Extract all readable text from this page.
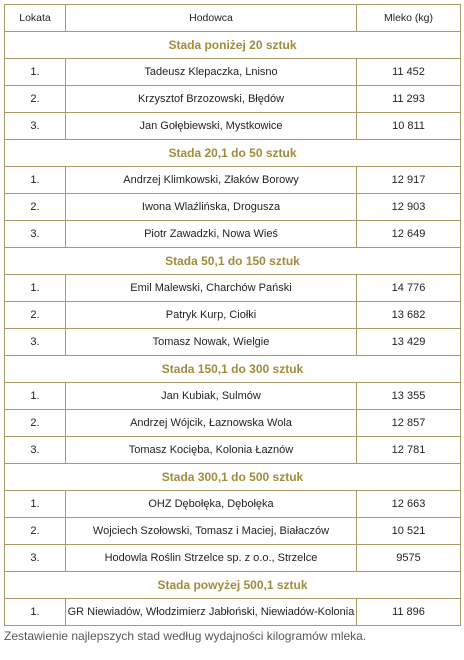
Lokata	Hodowca	Mleko (kg)
Stada poniżej 20 sztuk		
1.	Tadeusz Klepaczka, Lnisno	11 452
2.	Krzysztof Brzozowski, Błędów	11 293
3.	Jan Gołębiewski, Mystkowice	10 811
Stada 20,1 do 50 sztuk		
1.	Andrzej Klimkowski, Złaków Borowy	12 917
2.	Iwona Wlaźlińska, Drogusza	12 903
3.	Piotr Zawadzki, Nowa Wieś	12 649
Stada 50,1 do 150 sztuk		
1.	Emil Malewski, Charchów Pański	14 776
2.	Patryk Kurp, Ciołki	13 682
3.	Tomasz Nowak, Wielgie	13 429
Stada 150,1 do 300 sztuk		
1.	Jan Kubiak, Sulmów	13 355
2.	Andrzej Wójcik, Łaznowska Wola	12 857
3.	Tomasz Kocięba, Kolonia Łaznów	12 781
Stada 300,1 do 500 sztuk		
1.	OHZ Dębołęka, Dębołęka	12 663
2.	Wojciech Szołowski, Tomasz i Maciej, Białaczów	10 521
3.	Hodowla Roślin Strzelce sp. z o.o., Strzelce	9575
Stada powyżej 500,1 sztuk		
1.	GR Niewiadów, Włodzimierz Jabłoński, Niewiadów-Kolonia	11 896
Zestawienie najlepszych stad według wydajności kilogramów mleka.
